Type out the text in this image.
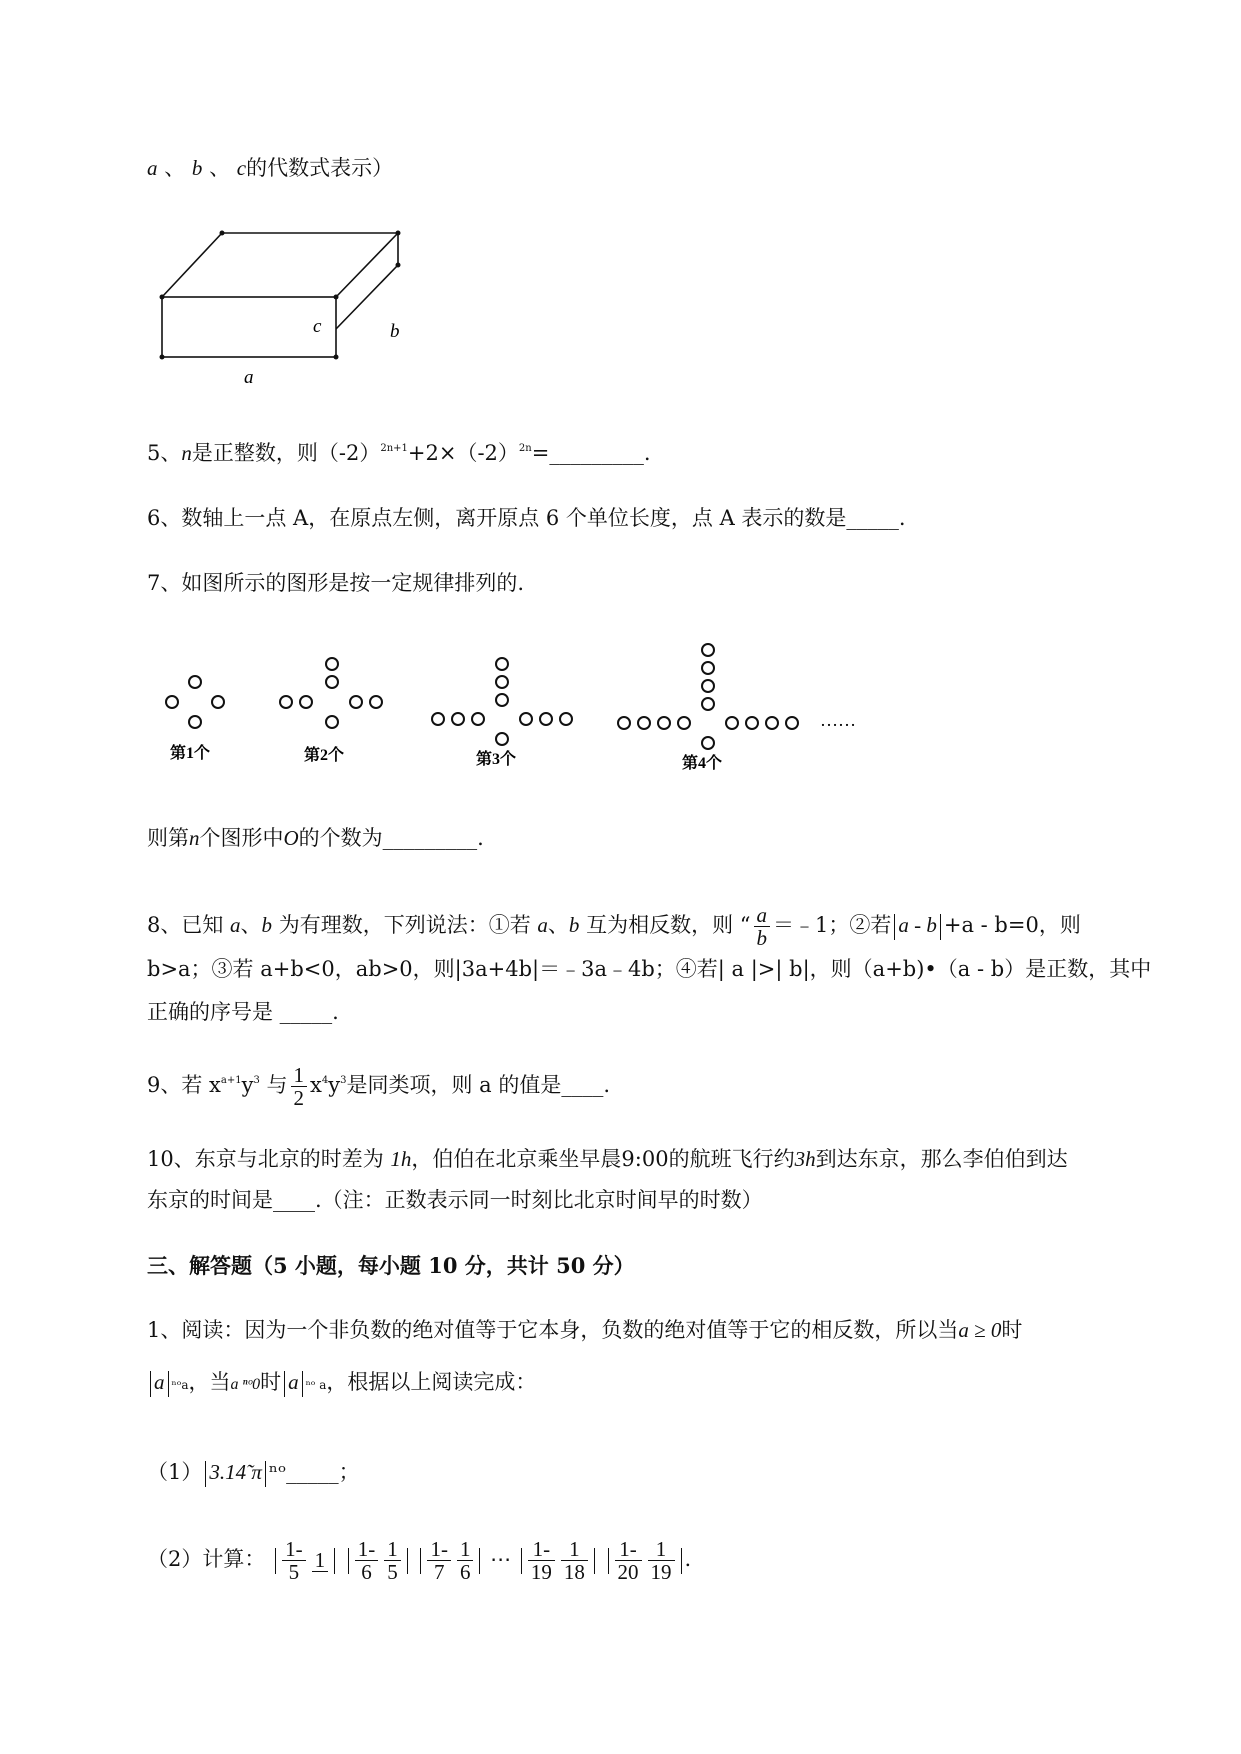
a 、 b 、 c的代数式表示）
c	b
a
5、n是正整数，则$(-2)^{2n+1}+2\times(-2)^{2n}=\_\_\_\_\_\_\_\_\_$.
6、数轴上一点 A，在原点左侧，离开原点 6 个单位长度，点 A 表示的数是_____.
7、如图所示的图形是按一定规律排列的.
……
第1个	第2个	第3个	第4个
则第n个图形中O的个数为_________.
8、已知 a、b 为有理数，下列说法：①若 a、b 互为相反数，则 “ $\frac{a}{b}$ ＝﹣1；②若 a - b +a - b=0，则
b>a；③若 a+b<0，ab>0，则|3a+4b|＝﹣3a﹣4b；④若| a |>| b|，则（a+b)•（a - b）是正数，其中
正确的序号是 _____.
9、若 $x^{a+1}y^3$ 与 $\frac{1}{2} x^4y^3$是同类项，则 a 的值是____.
10、东京与北京的时差为 1h，伯伯在北京乘坐早晨9:00的航班飞行约3h到达东京，那么李伯伯到达
东京的时间是____.（注：正数表示同一时刻比北京时间早的时数）
三、解答题（5 小题，每小题 10 分，共计 50 分）
1、阅读：因为一个非负数的绝对值等于它本身，负数的绝对值等于它的相反数，所以当a ≥ 0时
a ⁿᵒa，当a ⁿᵒ0时 a ⁿᵒ a，根据以上阅读完成：
（1） 3.14̃ π ⁿᵒ_____；
（2）计算： $\frac{1-}{5} 1$
$\frac{1-}{6} \frac{1}{5}$
$\frac{1-}{7} \frac{1}{6}$ ⋯ $\frac{1-}{19} \frac{1}{18}$
$\frac{1-}{20} \frac{1}{19}$ .
